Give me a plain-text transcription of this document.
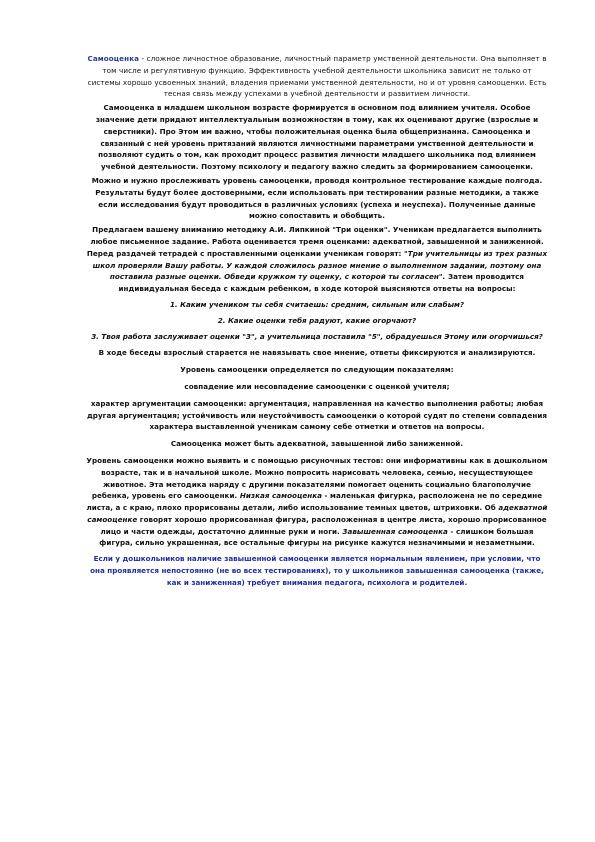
Самооценка - сложное личностное образование, личностный параметр умственной деятельности. Она выполняет в том числе и регулятивную функцию. Эффективность учебной деятельности школьника зависит не только от системы хорошо усвоенных знаний, владения приемами умственной деятельности, но и от уровня самооценки. Есть тесная связь между успехами в учебной деятельности и развитием личности.

Самооценка в младшем школьном возрасте формируется в основном под влиянием учителя. Особое значение дети придают интеллектуальным возможностям в тому, как их оценивают другие (взрослые и сверстники). Про Этом им важно, чтобы положительная оценка была общепризнанна. Самооценка и связанный с ней уровень притязаний являются личностными параметрами умственной деятельности и позволяют судить о том, как проходит процесс развития личности младшего школьника под влиянием учебной деятельности. Поэтому психологу и педагогу важно следить за формированием самооценки.

Можно и нужно прослеживать уровень самооценки, проводя контрольное тестирование каждые полгода. Результаты будут более достоверными, если использовать при тестировании разные методики, а также если исследования будут проводиться в различных условиях (успеха и неуспеха). Полученные данные можно сопоставить и обобщить.

Предлагаем вашему вниманию методику А.И. Липкиной "Три оценки". Ученикам предлагается выполнить любое письменное задание. Работа оценивается тремя оценками: адекватной, завышенной и заниженной. Перед раздачей тетрадей с проставленными оценками ученикам говорят: "Три учительницы из трех разных школ проверяли Вашу работы. У каждой сложилось разное мнение о выполненном задании, поэтому она поставила разные оценки. Обведи кружком ту оценку, с которой ты согласен". Затем проводится индивидуальная беседа с каждым ребенком, в ходе которой выясняются ответы на вопросы:

1. Каким учеником ты себя считаешь: средним, сильным или слабым?

2. Какие оценки тебя радуют, какие огорчают?

3. Твоя работа заслуживает оценки "3", а учительница поставила "5", обрадуешься Этому или огорчишься?

В ходе беседы взрослый старается не навязывать свое мнение, ответы фиксируются и анализируются.

Уровень самооценки определяется по следующим показателям:

совпадение или несовпадение самооценки с оценкой учителя;

характер аргументации самооценки: аргументация, направленная на качество выполнения работы; любая другая аргументация; устойчивость или неустойчивость самооценки о которой судят по степени совпадения характера выставленной ученикам самому себе отметки и ответов на вопросы.

Самооценка может быть адекватной, завышенной либо заниженной.

Уровень самооценки можно выявить и с помощью рисуночных тестов: они информативны как в дошкольном возрасте, так и в начальной школе. Можно попросить нарисовать человека, семью, несуществующее животное. Эта методика наряду с другими показателями помогает оценить социально благополучие ребенка, уровень его самооценки. Низкая самооценка - маленькая фигурка, расположена не по середине листа, а с краю, плохо прорисованы детали, либо использование темных цветов, штриховки. Об адекватной самооценке говорят хорошо прорисованная фигура, расположенная в центре листа, хорошо прорисованное лицо и части одежды, достаточно длинные руки и ноги. Завышенная самооценка - слишком большая фигура, сильно украшенная, все остальные фигуры на рисунке кажутся незначимыми и незаметными.

Если у дошкольников наличие завышенной самооценки является нормальным явлением, при условии, что она проявляется непостоянно (не во всех тестированиях), то у школьников завышенная самооценка (также, как и заниженная) требует внимания педагога, психолога и родителей.
